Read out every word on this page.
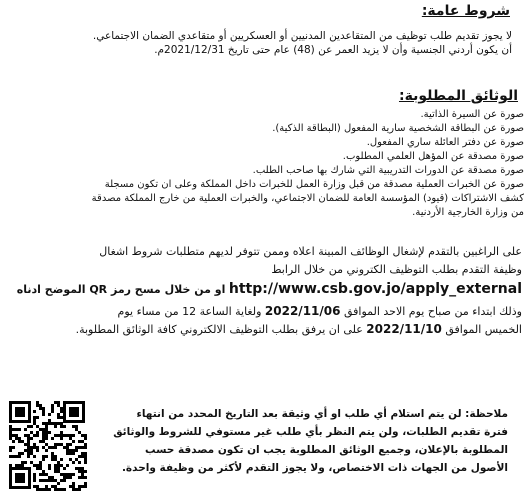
شروط عامة:
لا يجوز تقديم طلب توظيف من المتقاعدين المدنيين أو العسكريين أو متقاعدي الضمان الاجتماعي.
أن يكون أردني الجنسية وأن لا يزيد العمر عن (48) عام حتى تاريخ 2021/12/31م.
الوثائق المطلوبة:
صورة عن السيرة الذاتية.
صورة عن البطاقة الشخصية سارية المفعول (البطاقة الذكية).
صورة عن دفتر العائلة ساري المفعول.
صورة مصدقة عن المؤهل العلمي المطلوب.
صورة مصدقة عن الدورات التدريبية التي شارك بها صاحب الطلب.
صورة عن الخبرات العملية مصدقة من قبل وزارة العمل للخبرات داخل المملكة وعلى ان تكون مسجلة
كشف الاشتراكات (قيود) المؤسسة العامة للضمان الاجتماعي، والخبرات العملية من خارج المملكة مصدقة
من وزارة الخارجية الأردنية.
على الراغبين بالتقدم لإشغال الوظائف المبينة اعلاه وممن تتوفر لديهم متطلبات شروط اشغال
وظيفة التقدم بطلب التوظيف الكتروني من خلال الرابط
http://www.csb.gov.jo/apply_external او من خلال مسح رمز QR الموضح ادناه
وذلك ابتداء من صباح يوم الاحد الموافق 2022/11/06 ولغاية الساعة 12 من مساء يوم
الخميس الموافق 2022/11/10 على ان يرفق بطلب التوظيف الالكتروني كافة الوثائق المطلوبة.
ملاحظة: لن يتم استلام أي طلب او أي وثيقة بعد التاريخ المحدد من انتهاء
فترة تقديم الطلبات، ولن يتم النظر بأي طلب غير مستوفي للشروط والوثائق
المطلوبة بالإعلان، وجميع الوثائق المطلوبة يجب ان تكون مصدقة حسب
الأصول من الجهات ذات الاختصاص، ولا يجوز التقدم لأكثر من وظيفة واحدة.
